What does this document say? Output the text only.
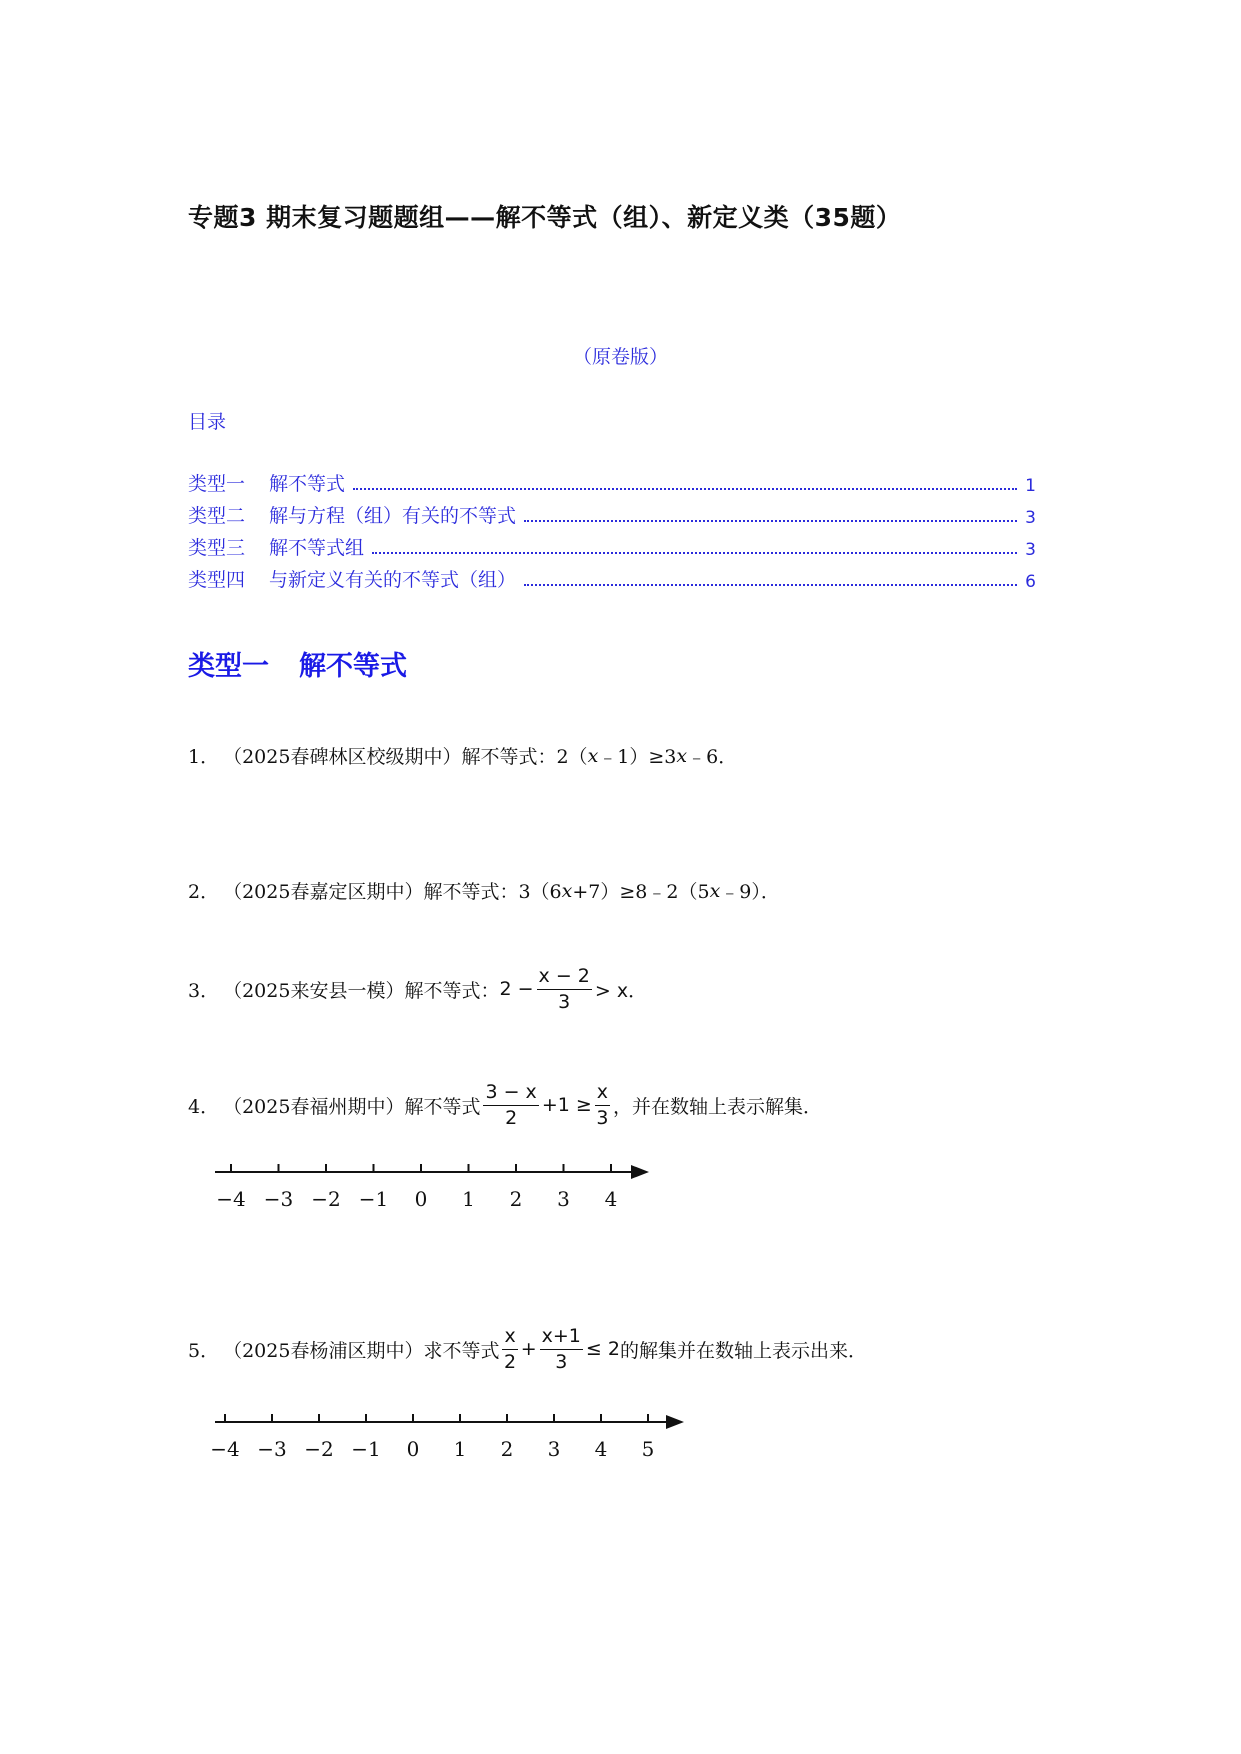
专题3 期末复习题题组——解不等式（组）、新定义类（35题）
（原卷版）
目录
类型一 解不等式	1
类型二 解与方程（组）有关的不等式	3
类型三 解不等式组	3
类型四 与新定义有关的不等式（组）	6
类型一 解不等式
1． （2025春碑林区校级期中） 解不等式： 2（ x ﹣1）≥3 x ﹣6．
2． （2025春嘉定区期中） 解不等式： 3（6 x +7）≥8﹣2（5 x ﹣9）．
3． （2025来安县一模） 解不等式： $2 - \frac{x - 2}{3} > x$．
4． （2025春福州期中） 解不等式 $\frac{3 - x}{2} +1 \ge \frac{x}{3}$ ，并在数轴上表示解集．
−4 −3 −2 −1 0 1 2 3 4
5． （2025春杨浦区期中） 求不等式 $\frac{x}{2} + \frac{x+1}{3} \le 2$ 的解集并在数轴上表示出来．
−4 −3 −2 −1 0 1 2 3 4 5
